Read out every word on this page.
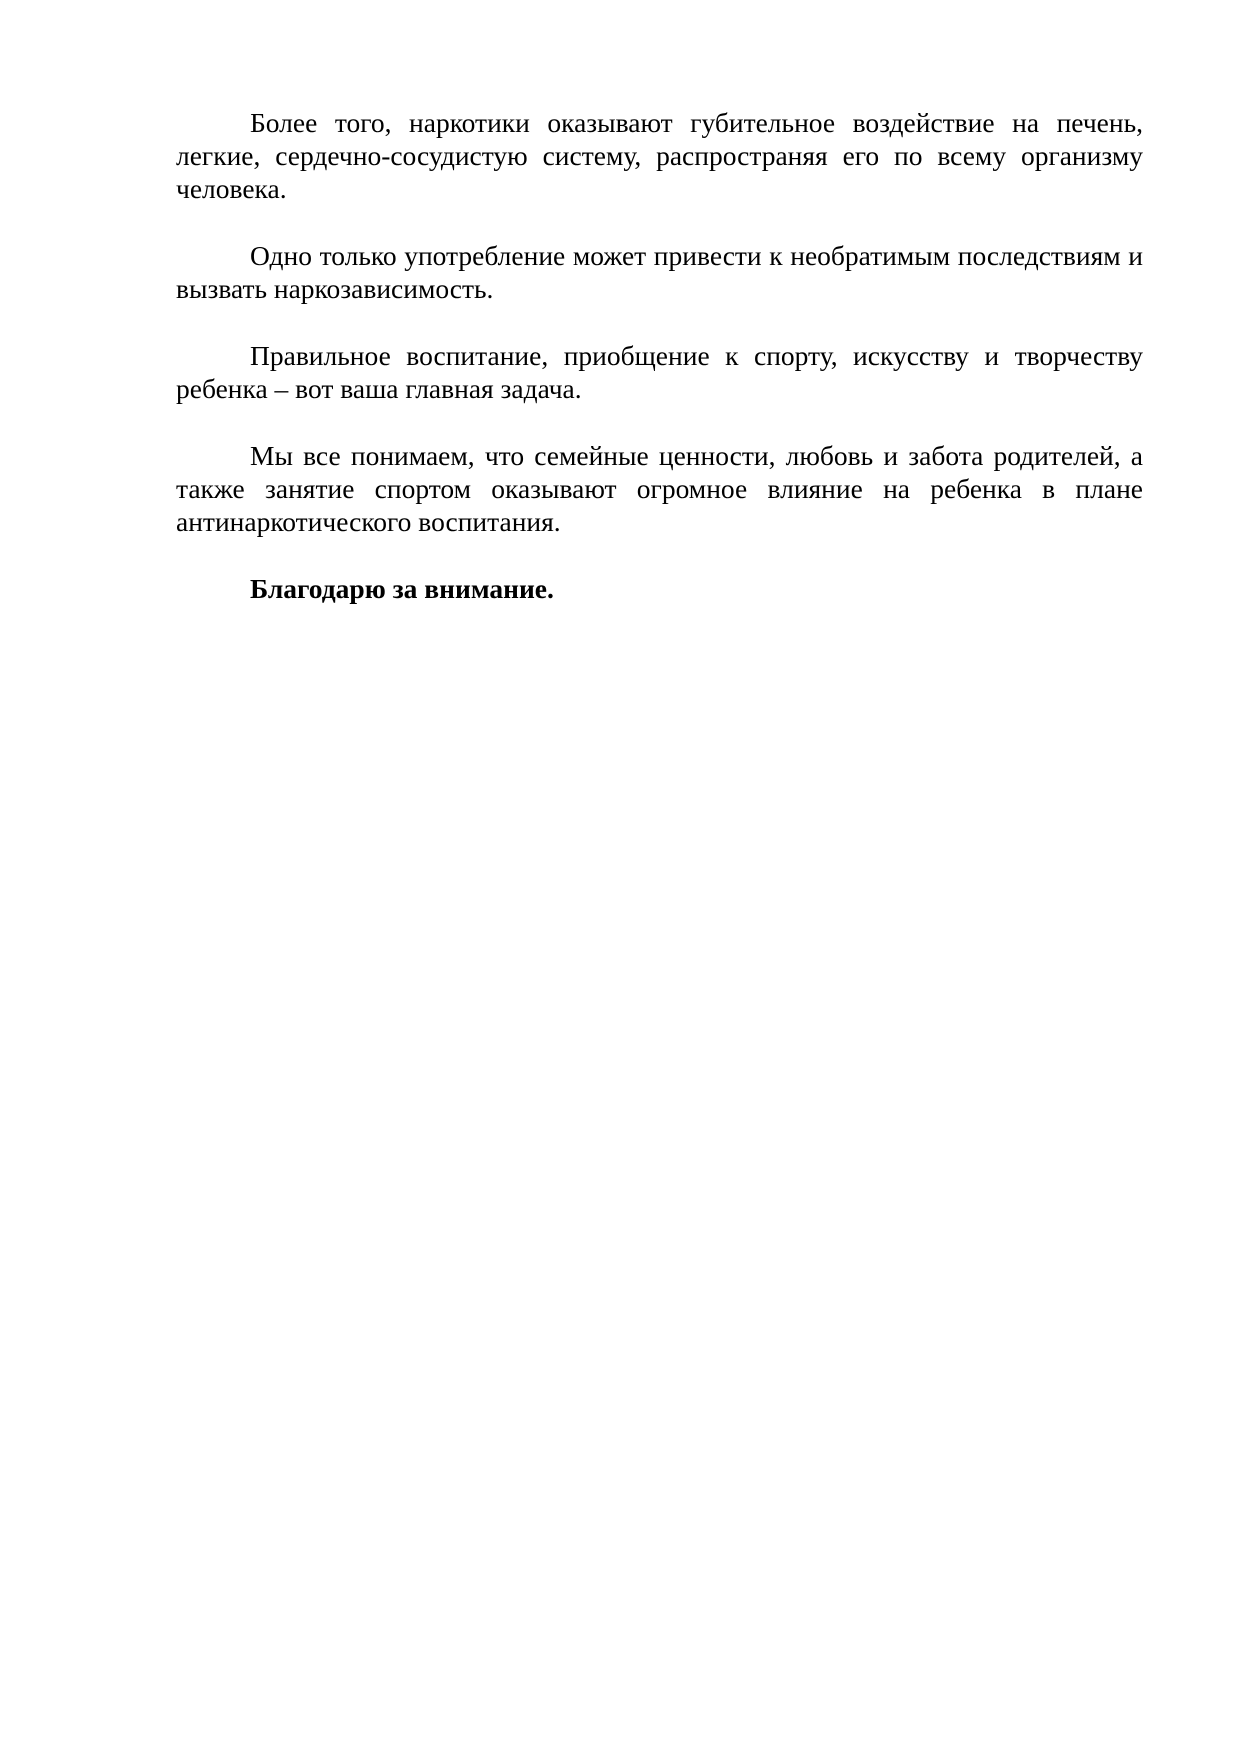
Более того, наркотики оказывают губительное воздействие на печень, легкие, сердечно-сосудистую систему, распространяя его по всему организму человека.

Одно только употребление может привести к необратимым последствиям и вызвать наркозависимость.

Правильное воспитание, приобщение к спорту, искусству и творчеству ребенка – вот ваша главная задача.

Мы все понимаем, что семейные ценности, любовь и забота родителей, а также занятие спортом оказывают огромное влияние на ребенка в плане антинаркотического воспитания.

Благодарю за внимание.
